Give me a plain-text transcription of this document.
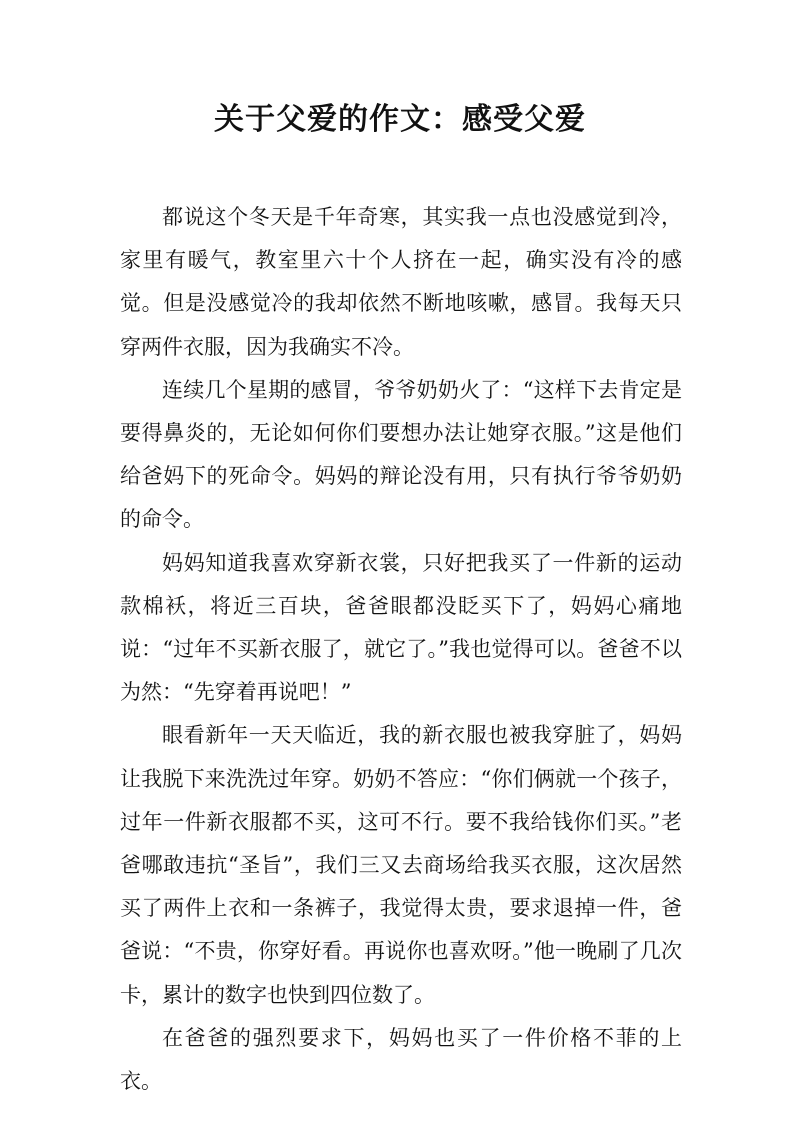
关于父爱的作文：感受父爱

都说这个冬天是千年奇寒，其实我一点也没感觉到冷，家里有暖气，教室里六十个人挤在一起，确实没有冷的感觉。但是没感觉冷的我却依然不断地咳嗽，感冒。我每天只穿两件衣服，因为我确实不冷。

连续几个星期的感冒，爷爷奶奶火了：“这样下去肯定是要得鼻炎的，无论如何你们要想办法让她穿衣服。”这是他们给爸妈下的死命令。妈妈的辩论没有用，只有执行爷爷奶奶的命令。

妈妈知道我喜欢穿新衣裳，只好把我买了一件新的运动款棉袄，将近三百块，爸爸眼都没眨买下了，妈妈心痛地说：“过年不买新衣服了，就它了。”我也觉得可以。爸爸不以为然：“先穿着再说吧！”

眼看新年一天天临近，我的新衣服也被我穿脏了，妈妈让我脱下来洗洗过年穿。奶奶不答应：“你们俩就一个孩子，过年一件新衣服都不买，这可不行。要不我给钱你们买。”老爸哪敢违抗“圣旨”，我们三又去商场给我买衣服，这次居然买了两件上衣和一条裤子，我觉得太贵，要求退掉一件，爸爸说：“不贵，你穿好看。再说你也喜欢呀。”他一晚刷了几次卡，累计的数字也快到四位数了。

在爸爸的强烈要求下，妈妈也买了一件价格不菲的上衣。
